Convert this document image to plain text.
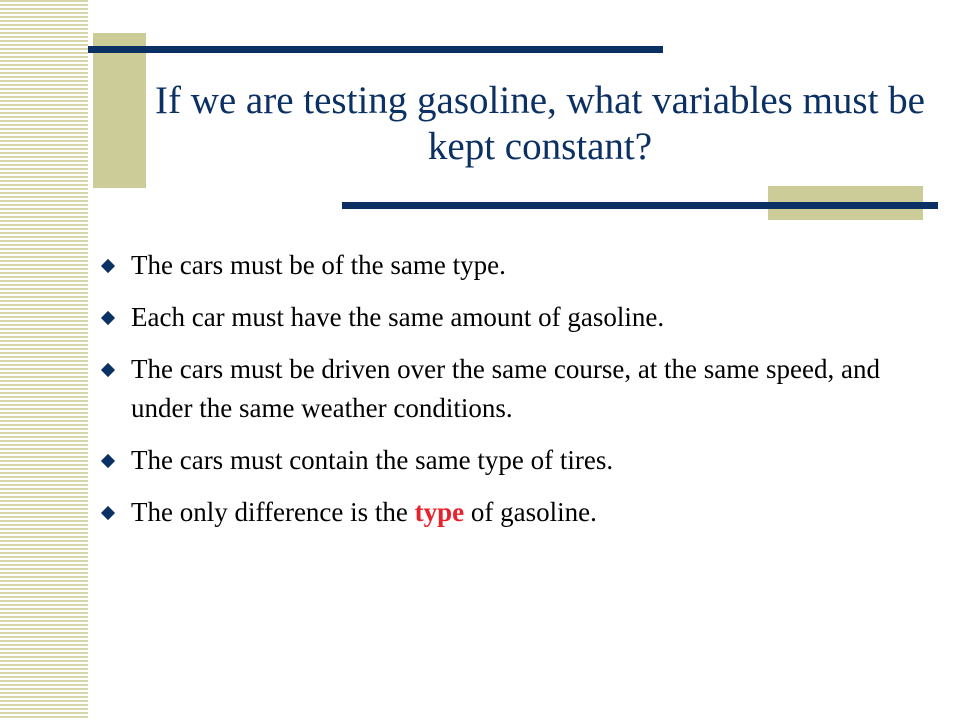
If we are testing gasoline, what variables must be kept constant?
The cars must be of the same type.
Each car must have the same amount of gasoline.
The cars must be driven over the same course, at the same speed, and under the same weather conditions.
The cars must contain the same type of tires.
The only difference is the type of gasoline.
